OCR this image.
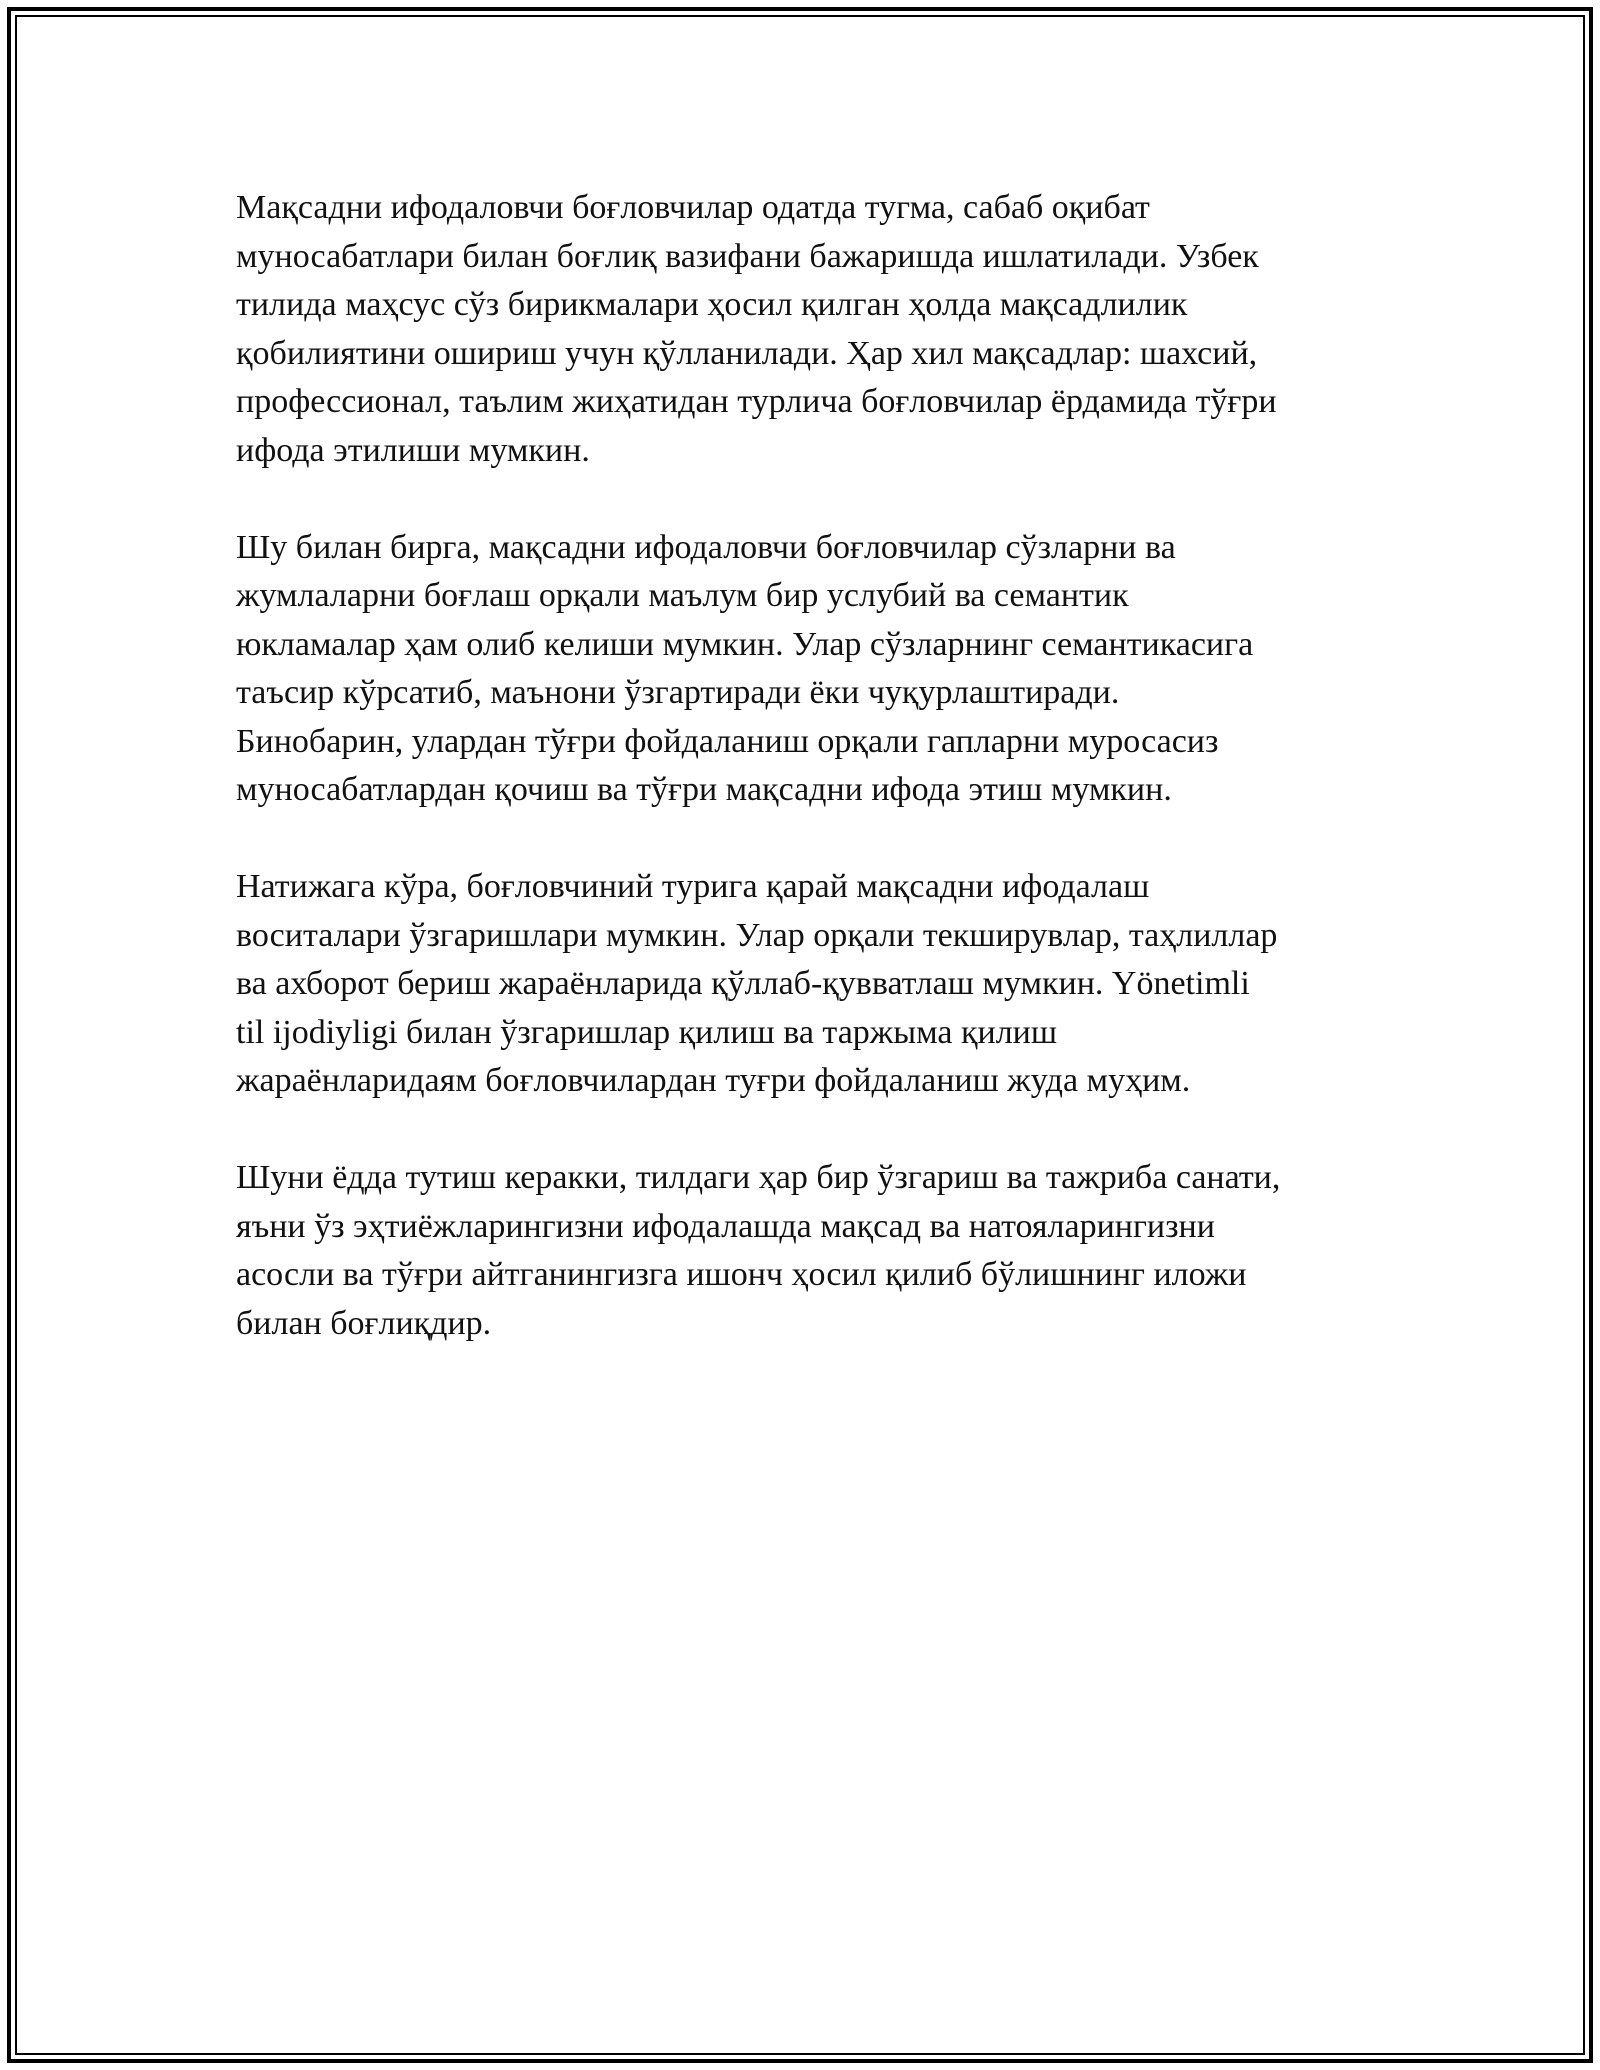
Мақсадни ифодаловчи боғловчилар одатда тугма, сабаб оқибат
муносабатлари билан боғлиқ вазифани бажаришда ишлатилади. Узбек
тилида маҳсус сўз бирикмалари ҳосил қилган ҳолда мақсадлилик
қобилиятини ошириш учун қўлланилади. Ҳар хил мақсадлар: шахсий,
профессионал, таълим жиҳатидан турлича боғловчилар ёрдамида тўғри
ифода этилиши мумкин.

Шу билан бирга, мақсадни ифодаловчи боғловчилар сўзларни ва
жумлаларни боғлаш орқали маълум бир услубий ва семантик
юкламалар ҳам олиб келиши мумкин. Улар сўзларнинг семантикасига
таъсир кўрсатиб, маънони ўзгартиради ёки чуқурлаштиради.
Бинобарин, улардан тўғри фойдаланиш орқали гапларни муросасиз
муносабатлардан қочиш ва тўғри мақсадни ифода этиш мумкин.

Натижага кўра, боғловчиний турига қарай мақсадни ифодалаш
воситалари ўзгаришлари мумкин. Улар орқали текширувлар, таҳлиллар
ва ахборот бериш жараёнларида қўллаб-қувватлаш мумкин. Yönetimli
til ijodiyligi билан ўзгаришлар қилиш ва таржыма қилиш
жараёнларидаям боғловчилардан туғри фойдаланиш жуда муҳим.

Шуни ёдда тутиш керакки, тилдаги ҳар бир ўзгариш ва тажриба санати,
яъни ўз эҳтиёжларингизни ифодалашда мақсад ва натояларингизни
асосли ва тўғри айтганингизга ишонч ҳосил қилиб бўлишнинг иложи
билан боғлиқдир.
